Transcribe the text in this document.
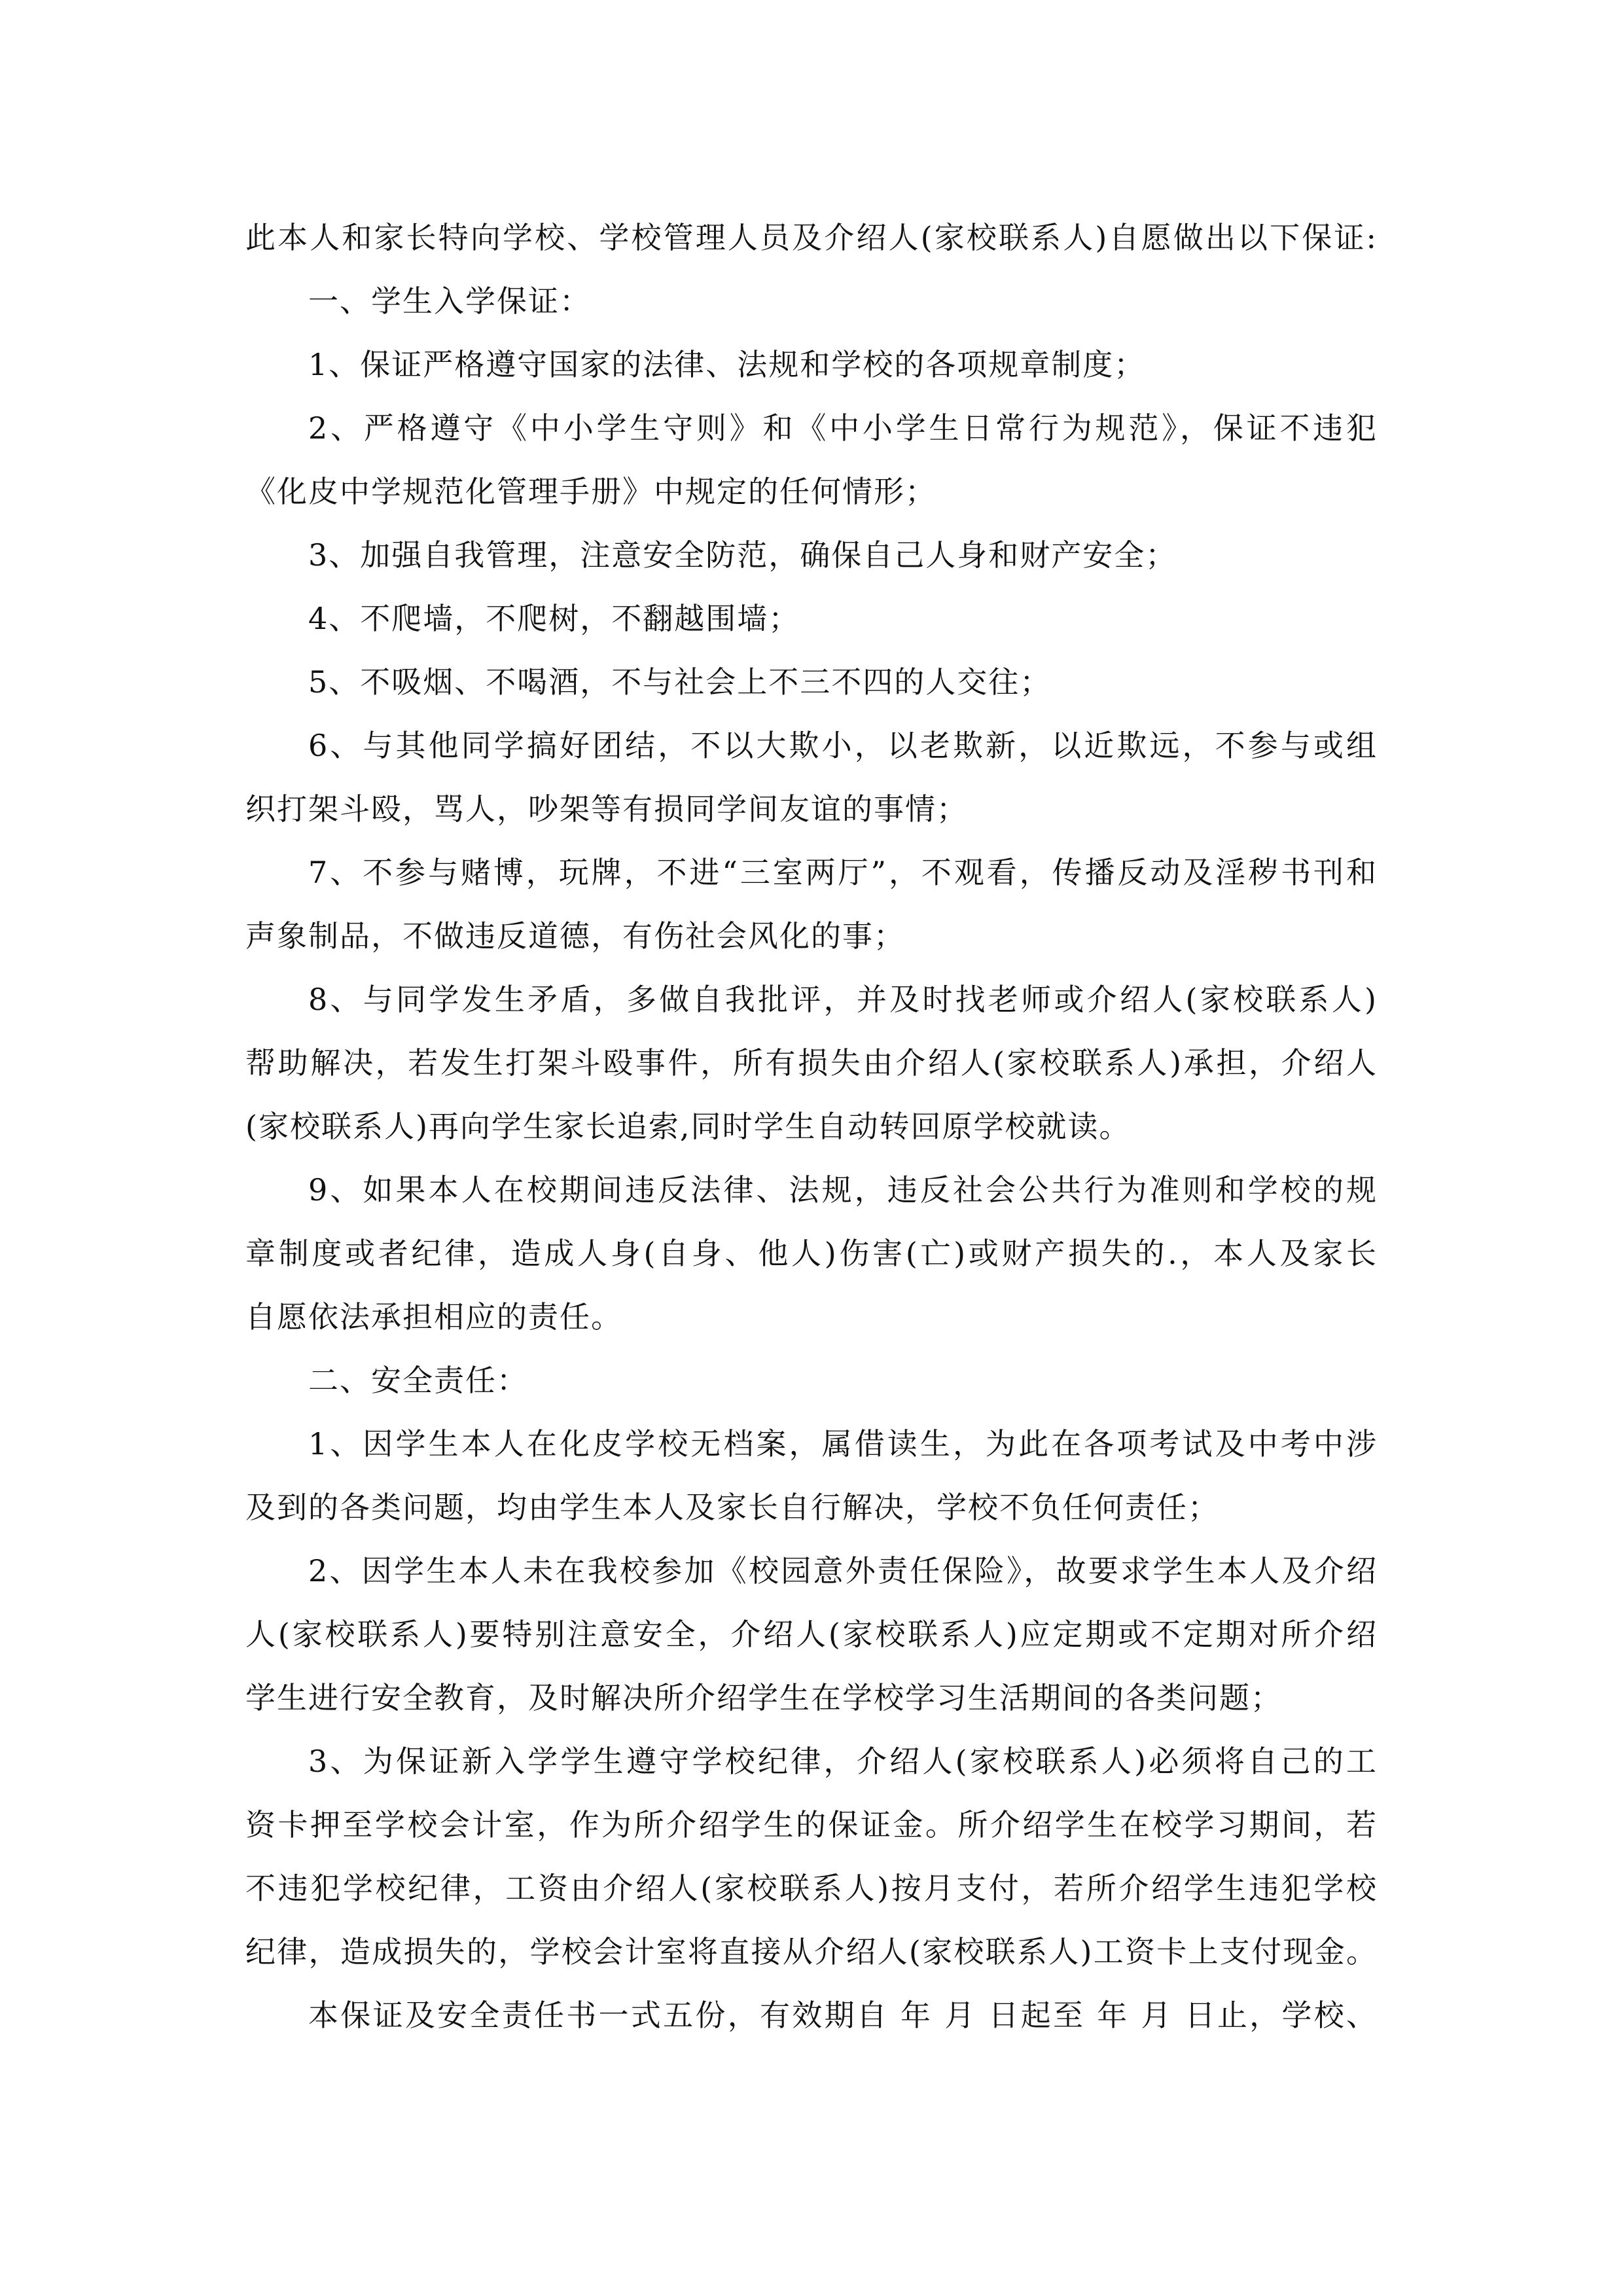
此本人和家长特向学校、学校管理人员及介绍人(家校联系人)自愿做出以下保证:
一、学生入学保证：
1、保证严格遵守国家的法律、法规和学校的各项规章制度；
2、严格遵守《中小学生守则》和《中小学生日常行为规范》，保证不违犯
《化皮中学规范化管理手册》中规定的任何情形；
3、加强自我管理，注意安全防范，确保自己人身和财产安全；
4、不爬墙，不爬树，不翻越围墙；
5、不吸烟、不喝酒，不与社会上不三不四的人交往；
6、与其他同学搞好团结，不以大欺小，以老欺新，以近欺远，不参与或组
织打架斗殴，骂人，吵架等有损同学间友谊的事情；
7、不参与赌博，玩牌，不进“三室两厅”，不观看，传播反动及淫秽书刊和
声象制品，不做违反道德，有伤社会风化的事；
8、与同学发生矛盾，多做自我批评，并及时找老师或介绍人(家校联系人)
帮助解决，若发生打架斗殴事件，所有损失由介绍人(家校联系人)承担，介绍人
(家校联系人)再向学生家长追索,同时学生自动转回原学校就读。
9、如果本人在校期间违反法律、法规，违反社会公共行为准则和学校的规
章制度或者纪律，造成人身(自身、他人)伤害(亡)或财产损失的.，本人及家长
自愿依法承担相应的责任。
二、安全责任：
1、因学生本人在化皮学校无档案，属借读生，为此在各项考试及中考中涉
及到的各类问题，均由学生本人及家长自行解决，学校不负任何责任；
2、因学生本人未在我校参加《校园意外责任保险》，故要求学生本人及介绍
人(家校联系人)要特别注意安全，介绍人(家校联系人)应定期或不定期对所介绍
学生进行安全教育，及时解决所介绍学生在学校学习生活期间的各类问题；
3、为保证新入学学生遵守学校纪律，介绍人(家校联系人)必须将自己的工
资卡押至学校会计室，作为所介绍学生的保证金。所介绍学生在校学习期间，若
不违犯学校纪律，工资由介绍人(家校联系人)按月支付，若所介绍学生违犯学校
纪律，造成损失的，学校会计室将直接从介绍人(家校联系人)工资卡上支付现金。
本保证及安全责任书一式五份，有效期自 年 月 日起至 年 月 日止，学校、
